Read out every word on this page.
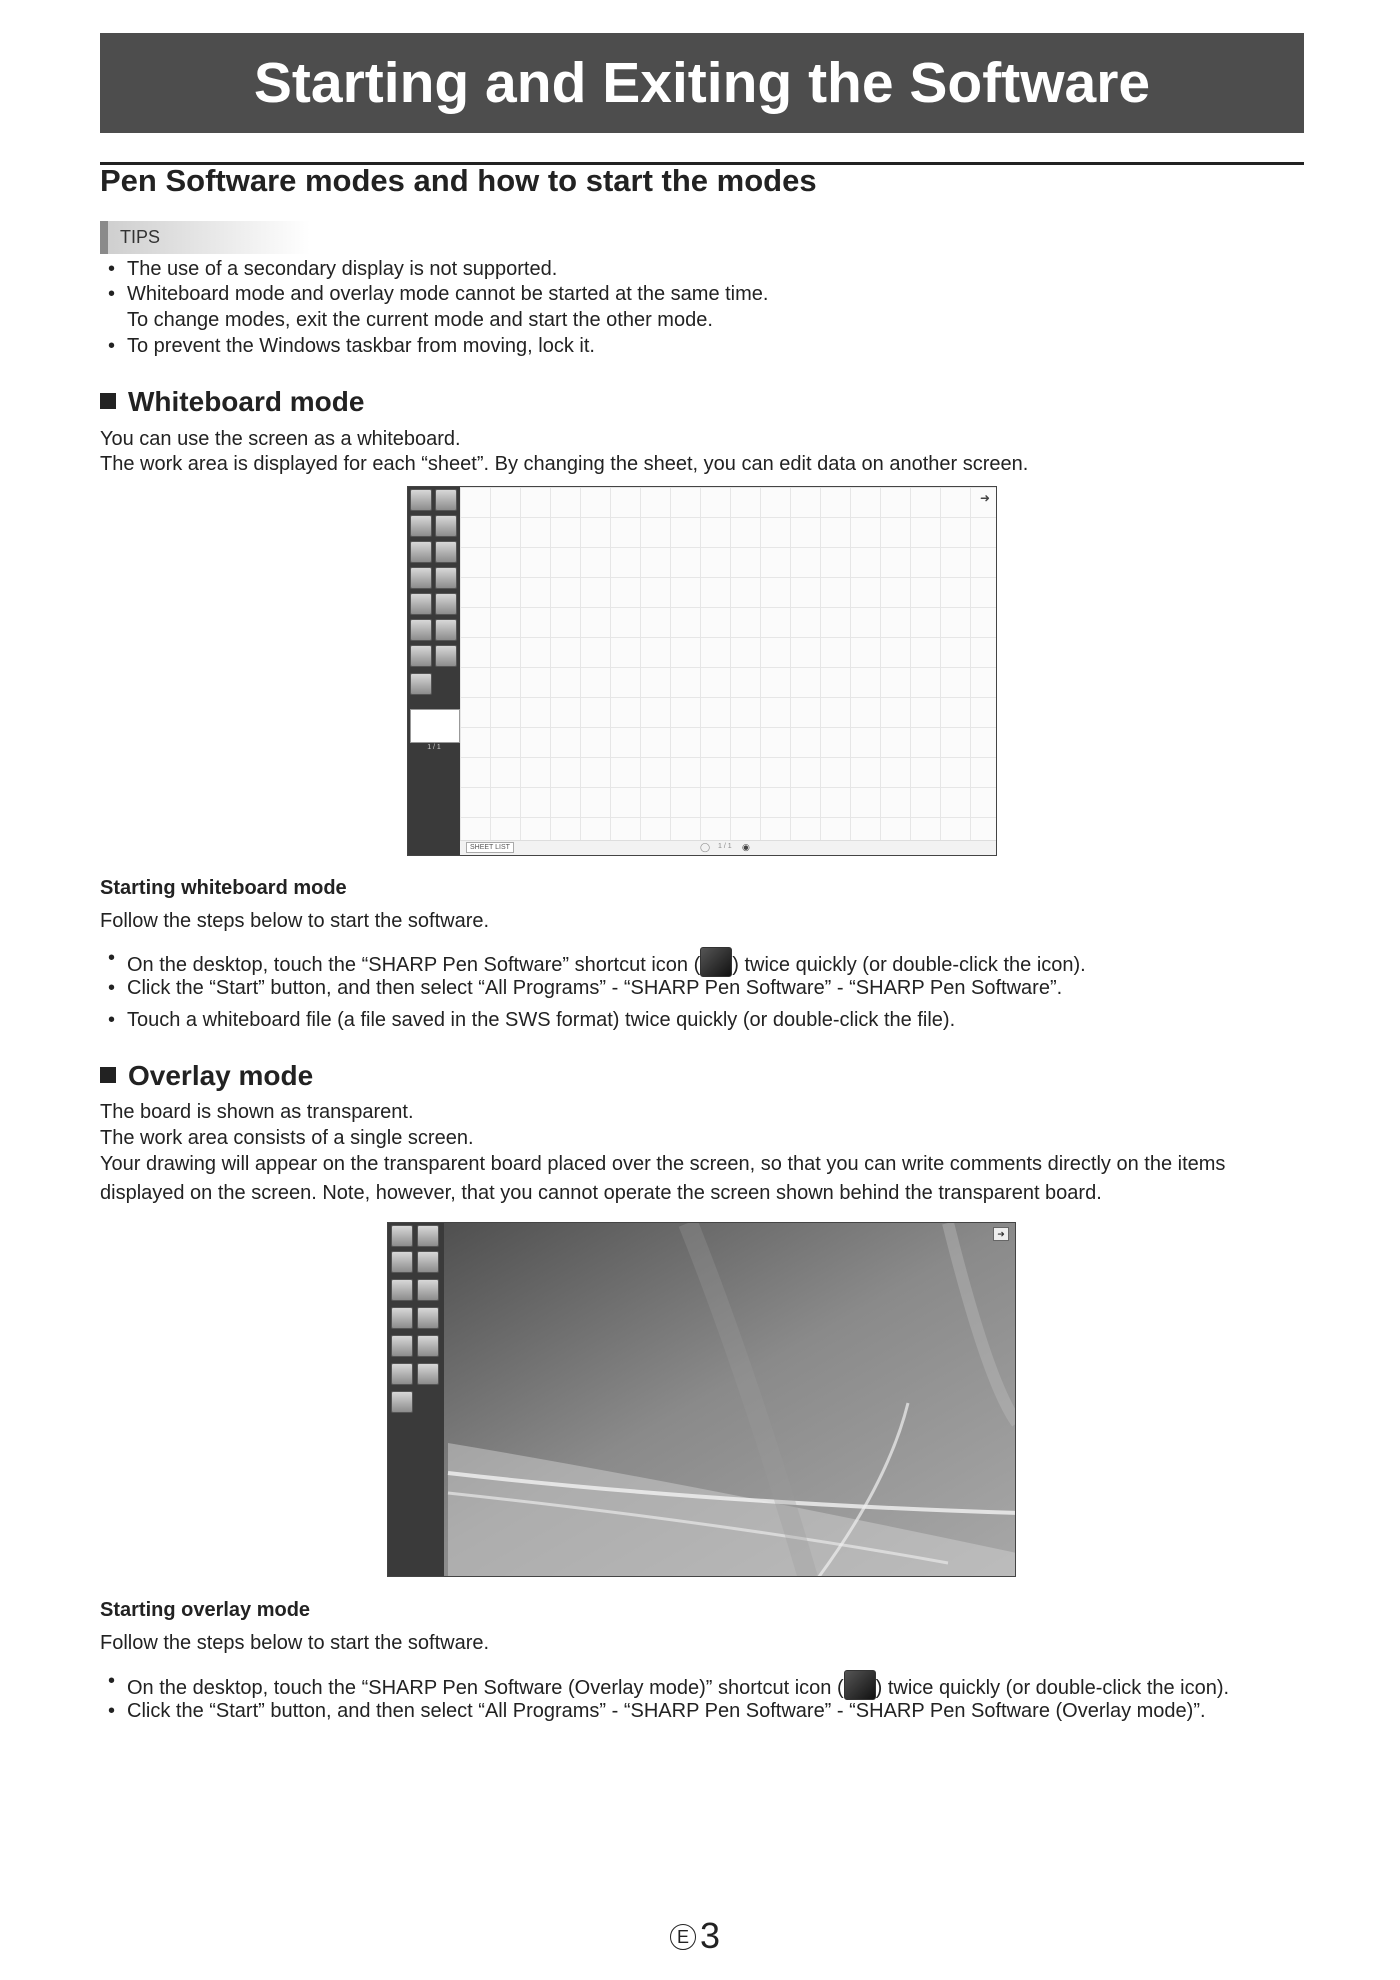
Starting and Exiting the Software
Pen Software modes and how to start the modes
TIPS
• The use of a secondary display is not supported.
• Whiteboard mode and overlay mode cannot be started at the same time.
To change modes, exit the current mode and start the other mode.
• To prevent the Windows taskbar from moving, lock it.
Whiteboard mode
You can use the screen as a whiteboard.
The work area is displayed for each “sheet”. By changing the sheet, you can edit data on another screen.
1 / 1
➜
SHEET LIST	◯ 1 / 1 ◉
Starting whiteboard mode
Follow the steps below to start the software.
• On the desktop, touch the “SHARP Pen Software” shortcut icon ( ) twice quickly (or double-click the icon).
• Click the “Start” button, and then select “All Programs” - “SHARP Pen Software” - “SHARP Pen Software”.
• Touch a whiteboard file (a file saved in the SWS format) twice quickly (or double-click the file).
Overlay mode
The board is shown as transparent.
The work area consists of a single screen.
Your drawing will appear on the transparent board placed over the screen, so that you can write comments directly on the items
displayed on the screen. Note, however, that you cannot operate the screen shown behind the transparent board.
➜
Starting overlay mode
Follow the steps below to start the software.
• On the desktop, touch the “SHARP Pen Software (Overlay mode)” shortcut icon ( ) twice quickly (or double-click the icon).
• Click the “Start” button, and then select “All Programs” - “SHARP Pen Software” - “SHARP Pen Software (Overlay mode)”.
E 3
